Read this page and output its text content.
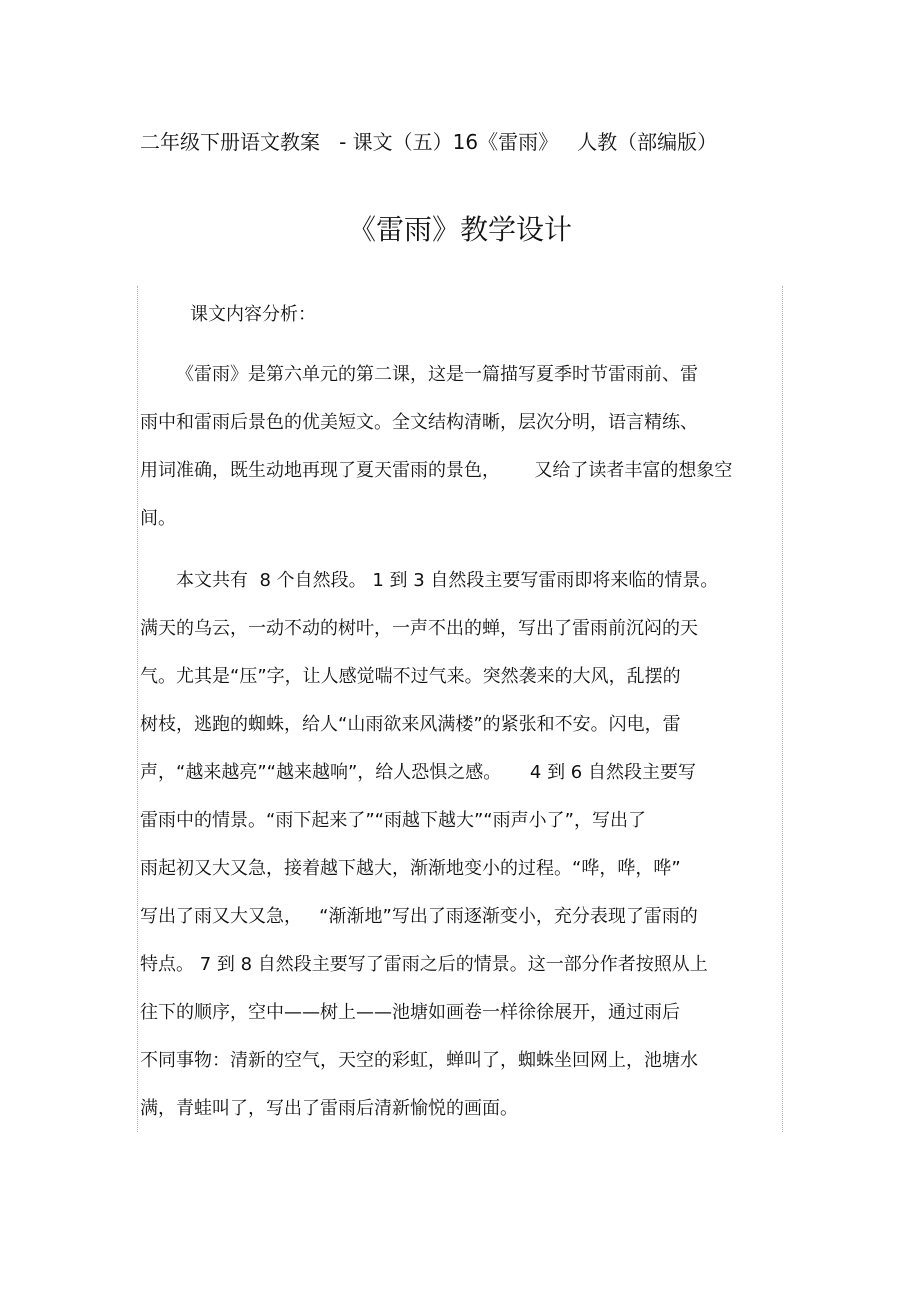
二年级下册语文教案   - 课文（五）16《雷雨》   人教（部编版）
《雷雨》教学设计
课文内容分析：
《雷雨》是第六单元的第二课，这是一篇描写夏季时节雷雨前、雷
雨中和雷雨后景色的优美短文。全文结构清晰，层次分明，语言精练、
用词准确，既生动地再现了夏天雷雨的景色，      又给了读者丰富的想象空
间。
本文共有  8 个自然段。 1 到 3 自然段主要写雷雨即将来临的情景。
满天的乌云，一动不动的树叶，一声不出的蝉，写出了雷雨前沉闷的天
气。尤其是“压”字，让人感觉喘不过气来。突然袭来的大风，乱摆的
树枝，逃跑的蜘蛛，给人“山雨欲来风满楼”的紧张和不安。闪电，雷
声，“越来越亮”“越来越响”，给人恐惧之感。     4 到 6 自然段主要写
雷雨中的情景。“雨下起来了”“雨越下越大”“雨声小了”，写出了
雨起初又大又急，接着越下越大，渐渐地变小的过程。“哗，哗，哗”
写出了雨又大又急，   “渐渐地”写出了雨逐渐变小，充分表现了雷雨的
特点。 7 到 8 自然段主要写了雷雨之后的情景。这一部分作者按照从上
往下的顺序，空中——树上——池塘如画卷一样徐徐展开，通过雨后
不同事物：清新的空气，天空的彩虹，蝉叫了，蜘蛛坐回网上，池塘水
满，青蛙叫了，写出了雷雨后清新愉悦的画面。
